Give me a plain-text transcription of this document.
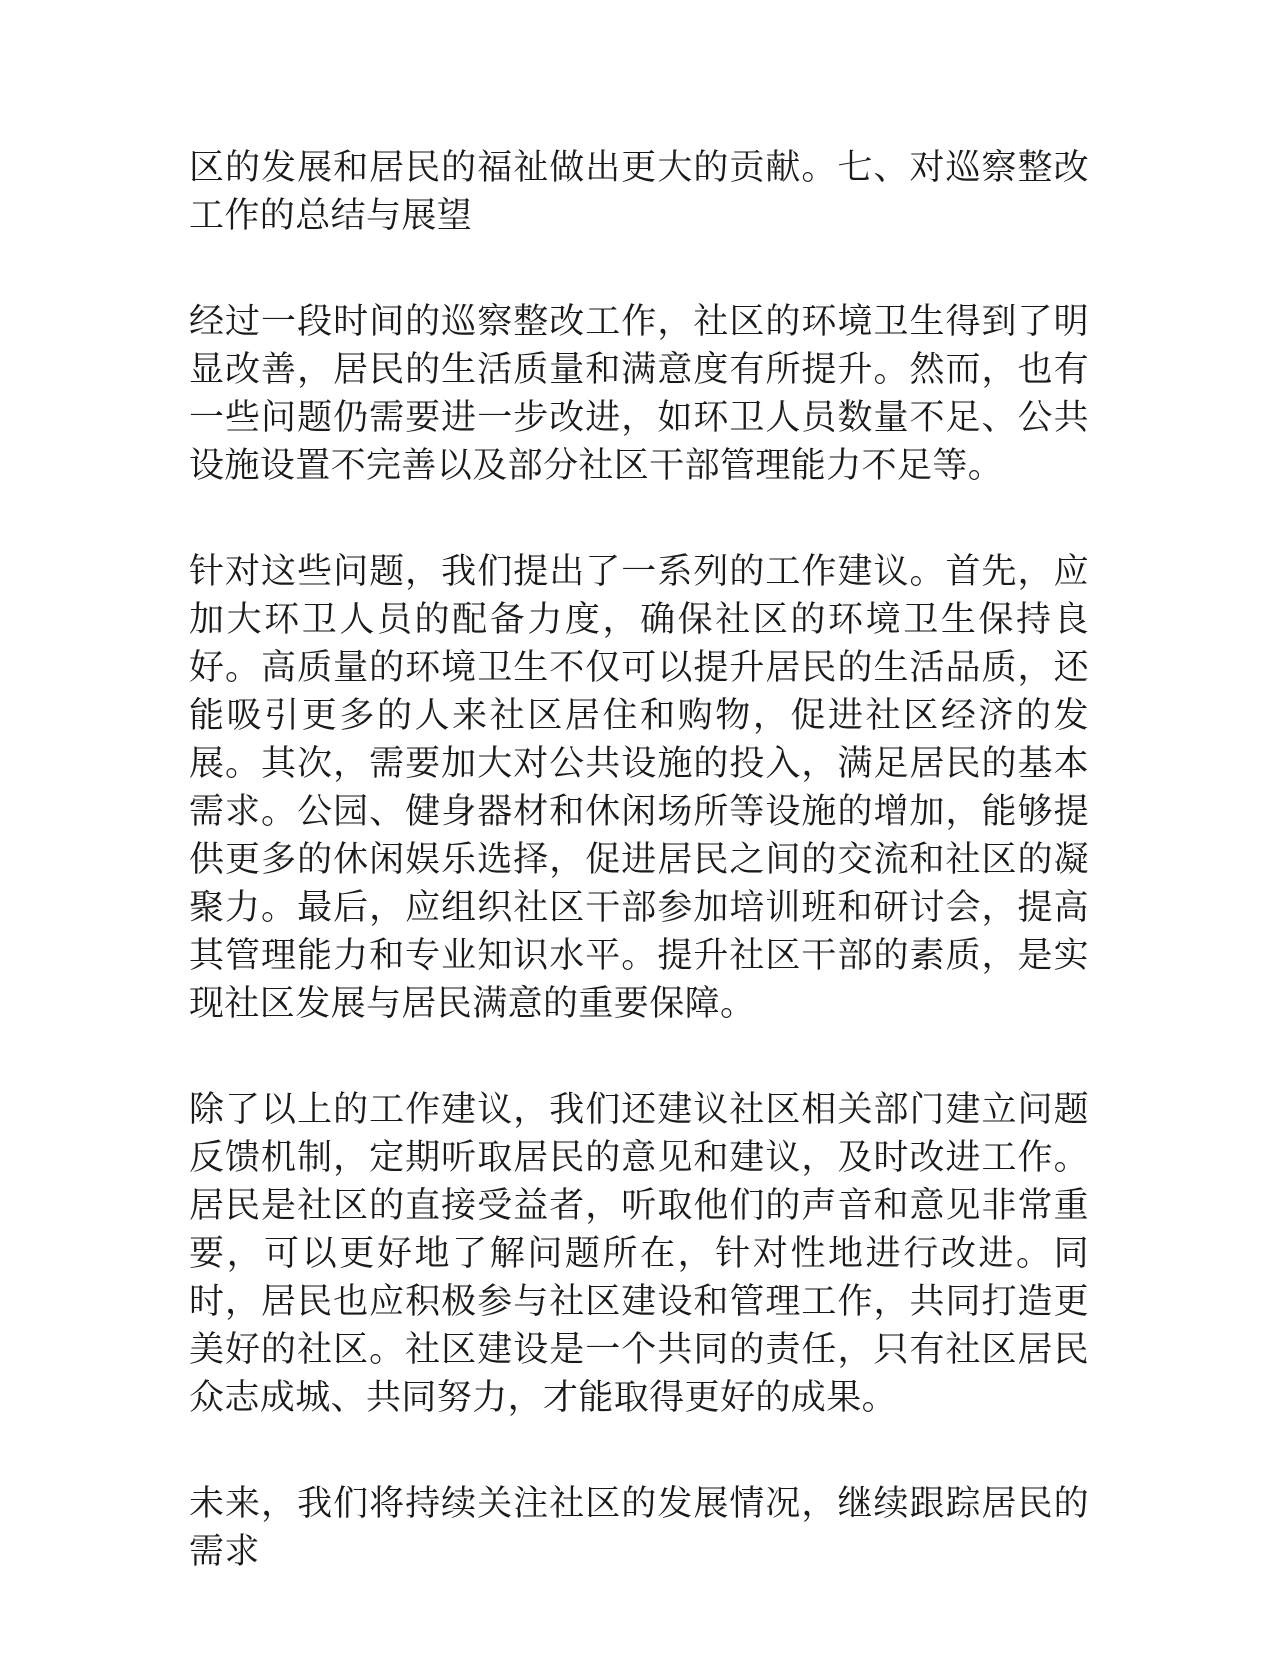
区的发展和居民的福祉做出更大的贡献。七、对巡察整改工作的总结与展望

经过一段时间的巡察整改工作，社区的环境卫生得到了明显改善，居民的生活质量和满意度有所提升。然而，也有一些问题仍需要进一步改进，如环卫人员数量不足、公共设施设置不完善以及部分社区干部管理能力不足等。

针对这些问题，我们提出了一系列的工作建议。首先，应加大环卫人员的配备力度，确保社区的环境卫生保持良好。高质量的环境卫生不仅可以提升居民的生活品质，还能吸引更多的人来社区居住和购物，促进社区经济的发展。其次，需要加大对公共设施的投入，满足居民的基本需求。公园、健身器材和休闲场所等设施的增加，能够提供更多的休闲娱乐选择，促进居民之间的交流和社区的凝聚力。最后，应组织社区干部参加培训班和研讨会，提高其管理能力和专业知识水平。提升社区干部的素质，是实现社区发展与居民满意的重要保障。

除了以上的工作建议，我们还建议社区相关部门建立问题反馈机制，定期听取居民的意见和建议，及时改进工作。居民是社区的直接受益者，听取他们的声音和意见非常重要，可以更好地了解问题所在，针对性地进行改进。同时，居民也应积极参与社区建设和管理工作，共同打造更美好的社区。社区建设是一个共同的责任，只有社区居民众志成城、共同努力，才能取得更好的成果。

未来，我们将持续关注社区的发展情况，继续跟踪居民的需求
